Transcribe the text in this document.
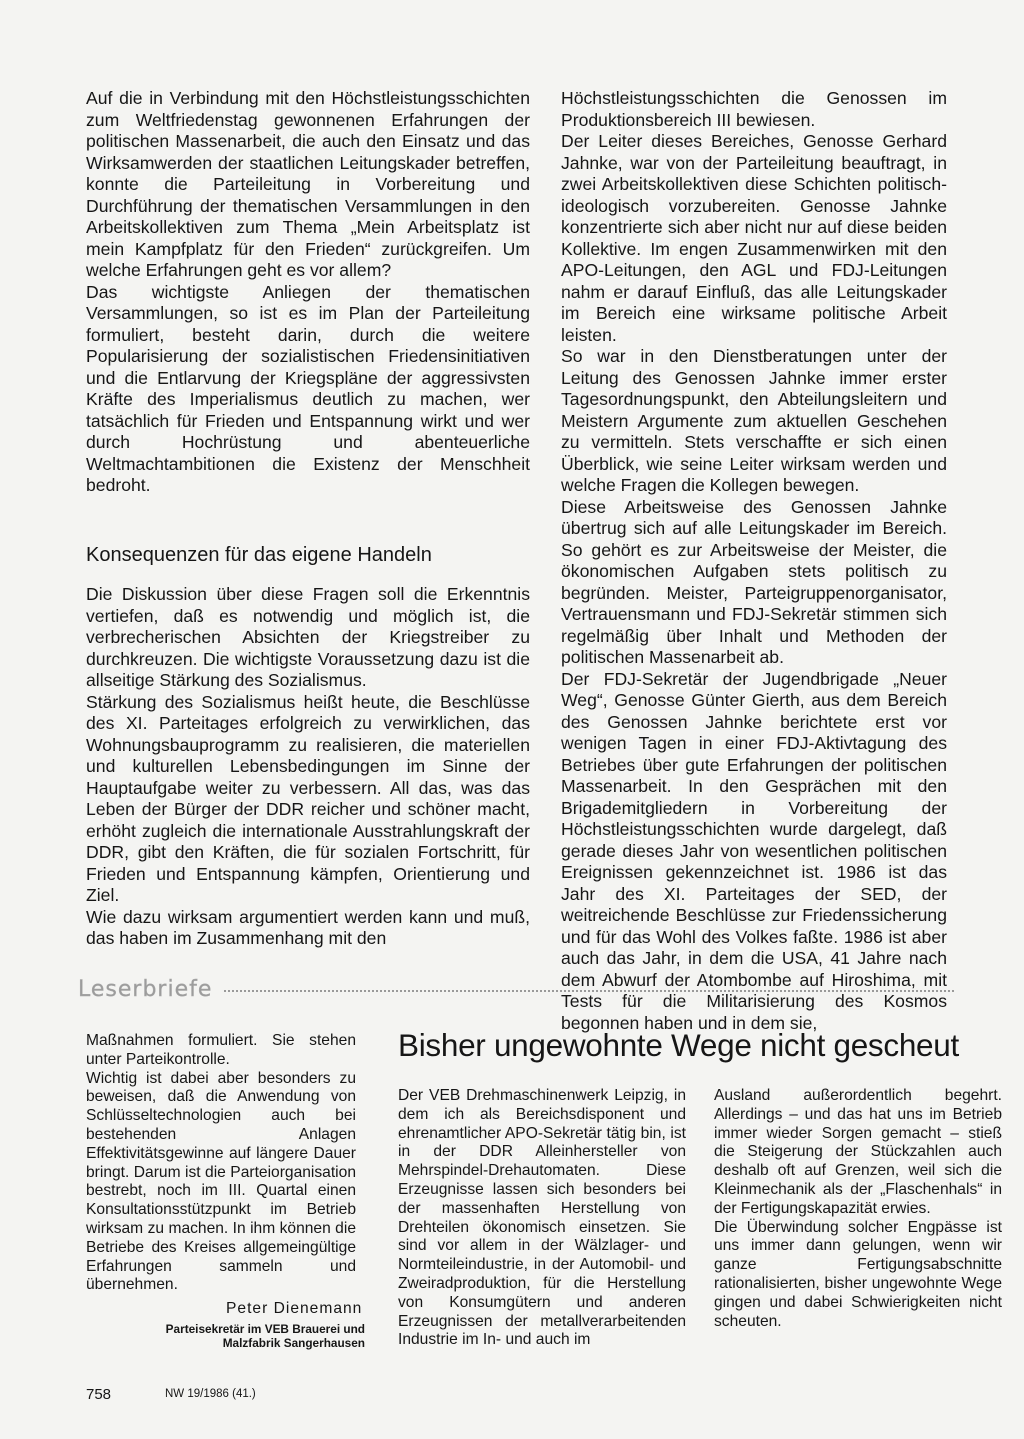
Auf die in Verbindung mit den Höchstleistungsschichten zum Weltfriedenstag gewonnenen Erfahrungen der politischen Massenarbeit, die auch den Einsatz und das Wirksamwerden der staatlichen Leitungskader betreffen, konnte die Parteileitung in Vorbereitung und Durchführung der thematischen Versammlungen in den Arbeitskollektiven zum Thema „Mein Arbeitsplatz ist mein Kampfplatz für den Frieden“ zurückgreifen. Um welche Erfahrungen geht es vor allem?

Das wichtigste Anliegen der thematischen Versammlungen, so ist es im Plan der Parteileitung formuliert, besteht darin, durch die weitere Popularisierung der sozialistischen Friedensinitiativen und die Entlarvung der Kriegspläne der aggressivsten Kräfte des Imperialismus deutlich zu machen, wer tatsächlich für Frieden und Entspannung wirkt und wer durch Hochrüstung und abenteuerliche Weltmachtambitionen die Existenz der Menschheit bedroht.

Konsequenzen für das eigene Handeln

Die Diskussion über diese Fragen soll die Erkenntnis vertiefen, daß es notwendig und möglich ist, die verbrecherischen Absichten der Kriegstreiber zu durchkreuzen. Die wichtigste Voraussetzung dazu ist die allseitige Stärkung des Sozialismus.

Stärkung des Sozialismus heißt heute, die Beschlüsse des XI. Parteitages erfolgreich zu verwirklichen, das Wohnungsbauprogramm zu realisieren, die materiellen und kulturellen Lebensbedingungen im Sinne der Hauptaufgabe weiter zu verbessern. All das, was das Leben der Bürger der DDR reicher und schöner macht, erhöht zugleich die internationale Ausstrahlungskraft der DDR, gibt den Kräften, die für sozialen Fortschritt, für Frieden und Entspannung kämpfen, Orientierung und Ziel.

Wie dazu wirksam argumentiert werden kann und muß, das haben im Zusammenhang mit den

Höchstleistungsschichten die Genossen im Produktionsbereich III bewiesen.

Der Leiter dieses Bereiches, Genosse Gerhard Jahnke, war von der Parteileitung beauftragt, in zwei Arbeitskollektiven diese Schichten politisch-ideologisch vorzubereiten. Genosse Jahnke konzentrierte sich aber nicht nur auf diese beiden Kollektive. Im engen Zusammenwirken mit den APO-Leitungen, den AGL und FDJ-Leitungen nahm er darauf Einfluß, das alle Leitungskader im Bereich eine wirksame politische Arbeit leisten.

So war in den Dienstberatungen unter der Leitung des Genossen Jahnke immer erster Tagesordnungspunkt, den Abteilungsleitern und Meistern Argumente zum aktuellen Geschehen zu vermitteln. Stets verschaffte er sich einen Überblick, wie seine Leiter wirksam werden und welche Fragen die Kollegen bewegen.

Diese Arbeitsweise des Genossen Jahnke übertrug sich auf alle Leitungskader im Bereich. So gehört es zur Arbeitsweise der Meister, die ökonomischen Aufgaben stets politisch zu begründen. Meister, Parteigruppenorganisator, Vertrauensmann und FDJ-Sekretär stimmen sich regelmäßig über Inhalt und Methoden der politischen Massenarbeit ab.

Der FDJ-Sekretär der Jugendbrigade „Neuer Weg“, Genosse Günter Gierth, aus dem Bereich des Genossen Jahnke berichtete erst vor wenigen Tagen in einer FDJ-Aktivtagung des Betriebes über gute Erfahrungen der politischen Massenarbeit. In den Gesprächen mit den Brigademitgliedern in Vorbereitung der Höchstleistungsschichten wurde dargelegt, daß gerade dieses Jahr von wesentlichen politischen Ereignissen gekennzeichnet ist. 1986 ist das Jahr des XI. Parteitages der SED, der weitreichende Beschlüsse zur Friedenssicherung und für das Wohl des Volkes faßte. 1986 ist aber auch das Jahr, in dem die USA, 41 Jahre nach dem Abwurf der Atombombe auf Hiroshima, mit Tests für die Militarisierung des Kosmos begonnen haben und in dem sie,

Leserbriefe

Maßnahmen formuliert. Sie stehen unter Parteikontrolle.

Wichtig ist dabei aber besonders zu beweisen, daß die Anwendung von Schlüsseltechnologien auch bei bestehenden Anlagen Effektivitätsgewinne auf längere Dauer bringt. Darum ist die Parteiorganisation bestrebt, noch im III. Quartal einen Konsultationsstützpunkt im Betrieb wirksam zu machen. In ihm können die Betriebe des Kreises allgemeingültige Erfahrungen sammeln und übernehmen.

Peter Dienemann
Parteisekretär im VEB Brauerei und Malzfabrik Sangerhausen
Bisher ungewohnte Wege nicht gescheut

Der VEB Drehmaschinenwerk Leipzig, in dem ich als Bereichsdisponent und ehrenamtlicher APO-Sekretär tätig bin, ist in der DDR Alleinhersteller von Mehrspindel-Drehautomaten. Diese Erzeugnisse lassen sich besonders bei der massenhaften Herstellung von Drehteilen ökonomisch einsetzen. Sie sind vor allem in der Wälzlager- und Normteileindustrie, in der Automobil- und Zweiradproduktion, für die Herstellung von Konsumgütern und anderen Erzeugnissen der metallverarbeitenden Industrie im In- und auch im

Ausland außerordentlich begehrt. Allerdings – und das hat uns im Betrieb immer wieder Sorgen gemacht – stieß die Steigerung der Stückzahlen auch deshalb oft auf Grenzen, weil sich die Kleinmechanik als der „Flaschenhals“ in der Fertigungskapazität erwies.

Die Überwindung solcher Engpässe ist uns immer dann gelungen, wenn wir ganze Fertigungsabschnitte rationalisierten, bisher ungewohnte Wege gingen und dabei Schwierigkeiten nicht scheuten.

758	NW 19/1986 (41.)
